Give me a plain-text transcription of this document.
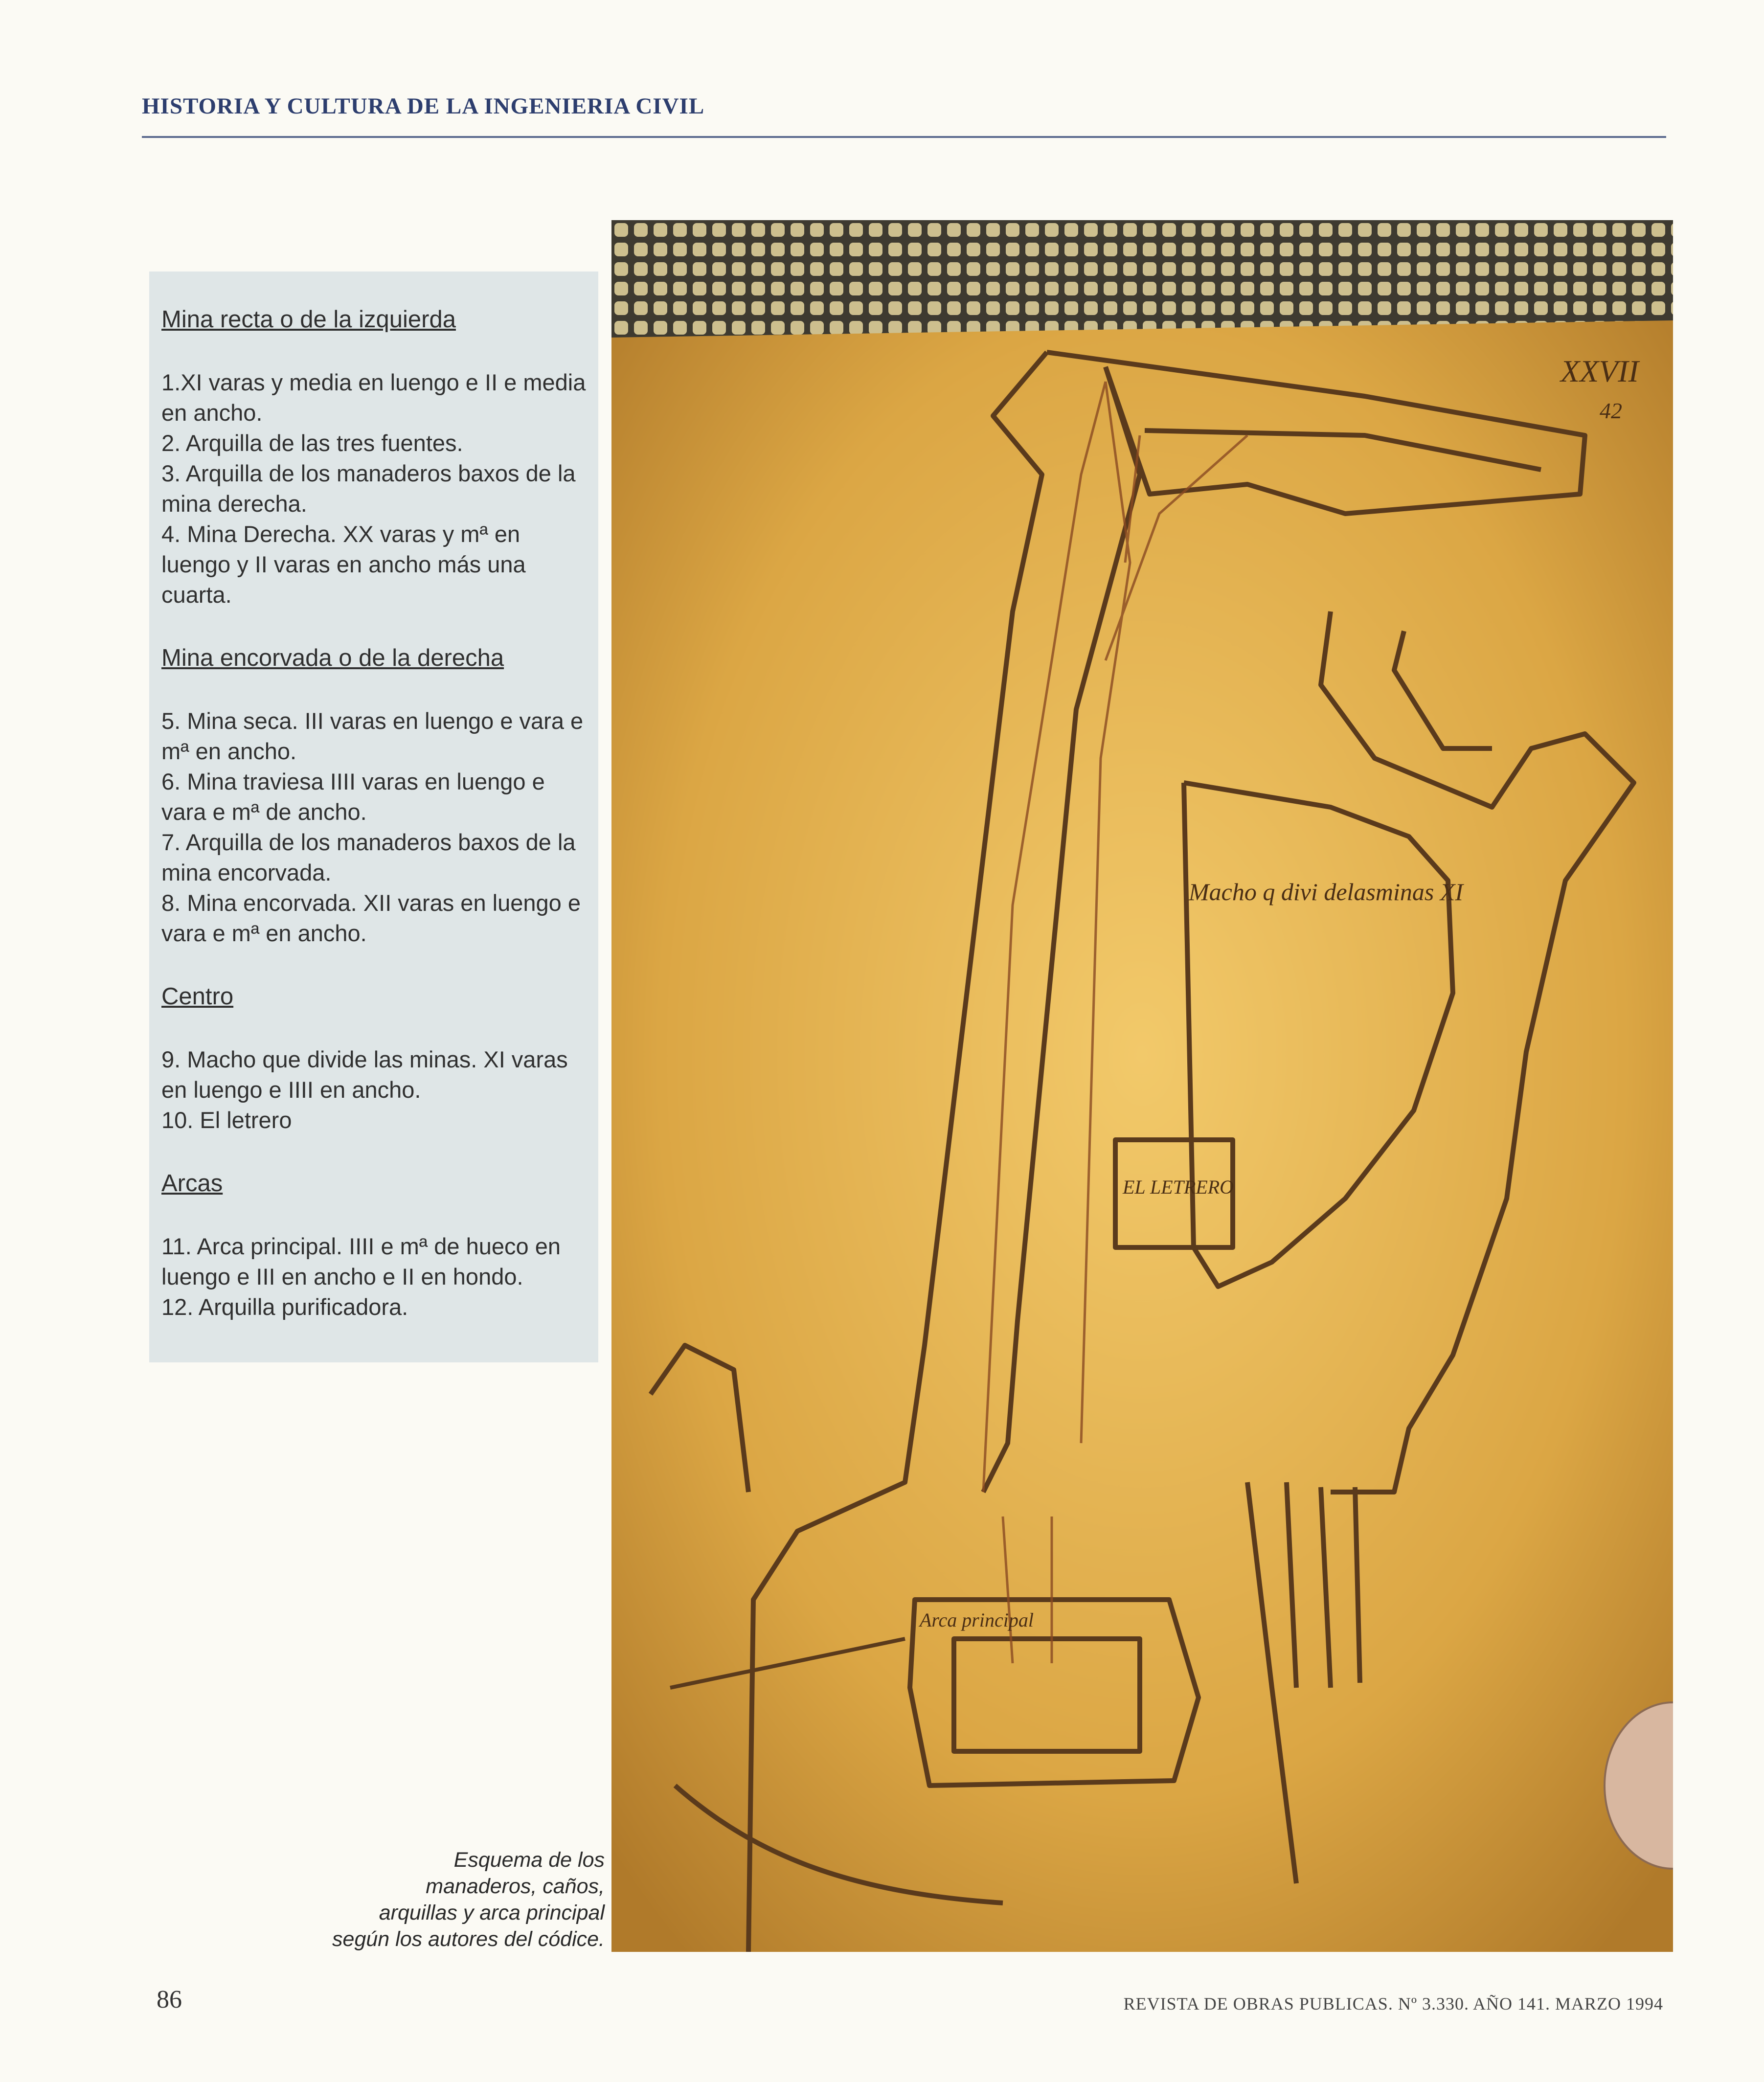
HISTORIA Y CULTURA DE LA INGENIERIA CIVIL

Mina recta o de la izquierda

1.XI varas y media en luengo e II e media en ancho.

2. Arquilla de las tres fuentes.

3. Arquilla de los manaderos baxos de la mina derecha.

4. Mina Derecha. XX varas y mª en luengo y II varas en ancho más una cuarta.

Mina encorvada o de la derecha

5. Mina seca. III varas en luengo e vara e mª en ancho.

6. Mina traviesa IIII varas en luengo e vara e mª de ancho.

7. Arquilla de los manaderos baxos de la mina encorvada.

8. Mina encorvada. XII varas en luengo e vara e mª en ancho.

Centro

9. Macho que divide las minas. XI varas en luengo e IIII en ancho.

10. El letrero

Arcas

11. Arca principal. IIII e mª de hueco en luengo e III en ancho e II en hondo.

12. Arquilla purificadora.

XXVII
42
Macho q divi delasminas XI
EL LETRERO
Arca principal
Esquema de los
manaderos, caños,
arquillas y arca principal
según los autores del códice.
86	REVISTA DE OBRAS PUBLICAS. Nº 3.330. AÑO 141. MARZO 1994
